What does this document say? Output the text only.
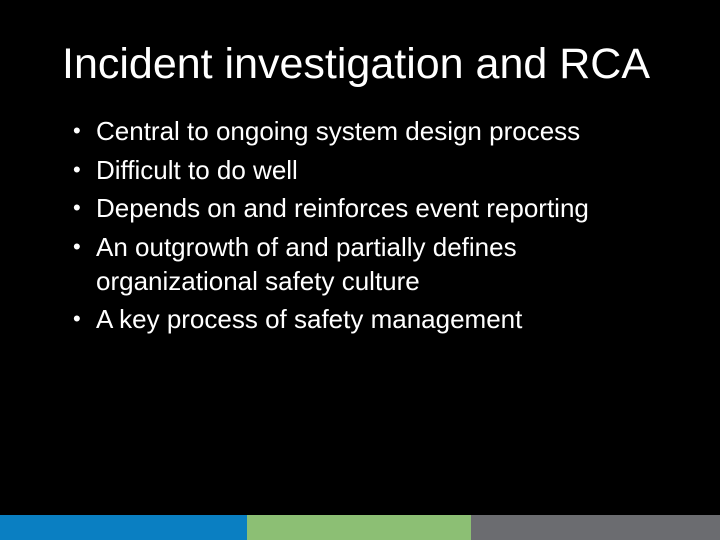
Incident investigation and RCA
• Central to ongoing system design process
• Difficult to do well
• Depends on and reinforces event reporting
• An outgrowth of and partially defines organizational safety culture
• A key process of safety management
